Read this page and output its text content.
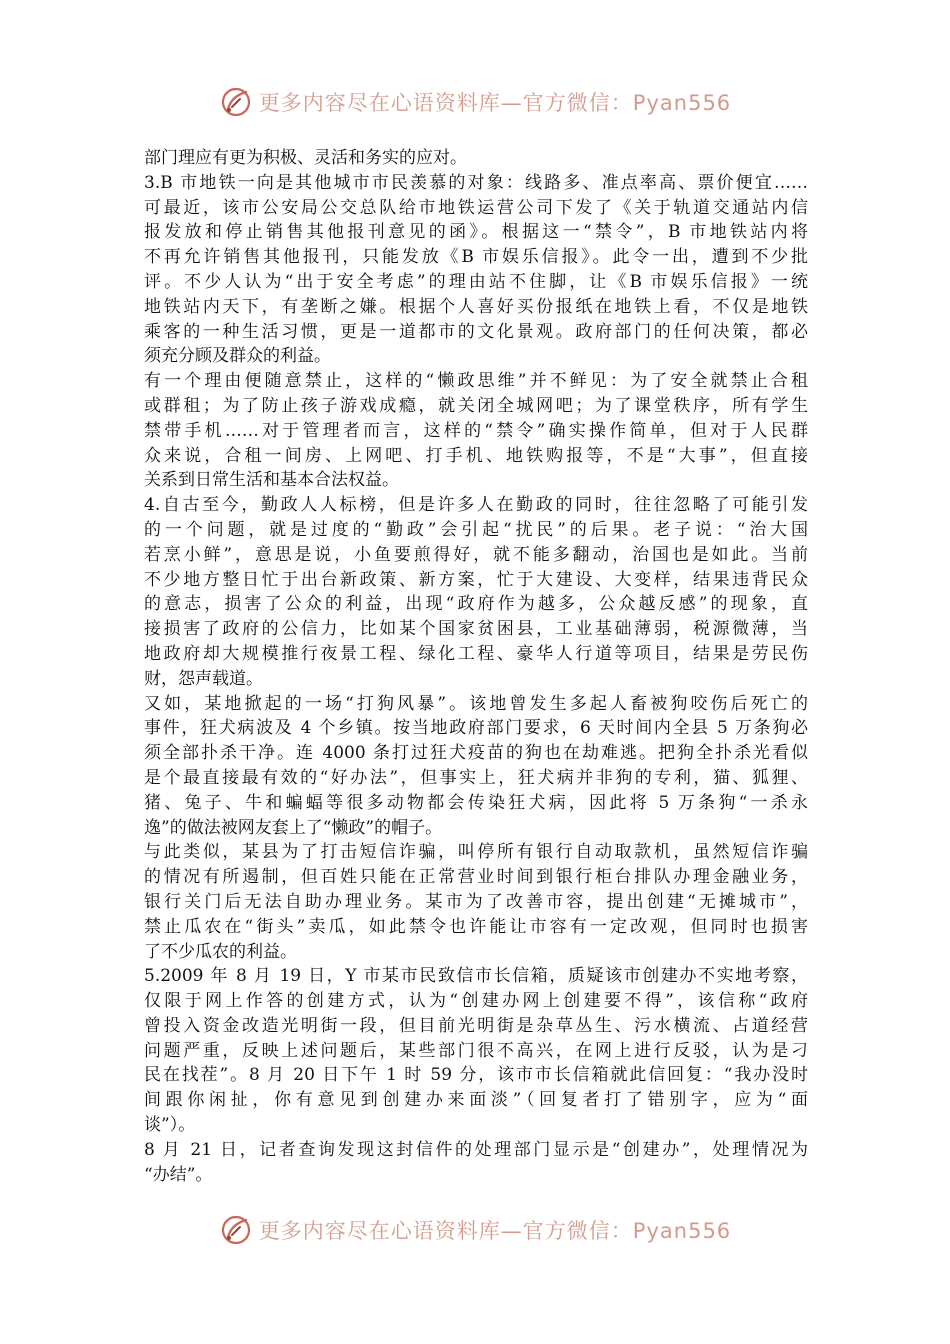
更多内容尽在心语资料库—官方微信：Pyan556
部门理应有更为积极、灵活和务实的应对。
3.B 市地铁一向是其他城市市民羡慕的对象：线路多、准点率高、票价便宜……
可最近，该市公安局公交总队给市地铁运营公司下发了《关于轨道交通站内信
报发放和停止销售其他报刊意见的函》。根据这一“禁令”，B 市地铁站内将
不再允许销售其他报刊，只能发放《B 市娱乐信报》。此令一出，遭到不少批
评。不少人认为“出于安全考虑”的理由站不住脚，让《B 市娱乐信报》一统
地铁站内天下，有垄断之嫌。根据个人喜好买份报纸在地铁上看，不仅是地铁
乘客的一种生活习惯，更是一道都市的文化景观。政府部门的任何决策，都必
须充分顾及群众的利益。
有一个理由便随意禁止，这样的“懒政思维”并不鲜见：为了安全就禁止合租
或群租；为了防止孩子游戏成瘾，就关闭全城网吧；为了课堂秩序，所有学生
禁带手机……对于管理者而言，这样的“禁令”确实操作简单，但对于人民群
众来说，合租一间房、上网吧、打手机、地铁购报等，不是“大事”，但直接
关系到日常生活和基本合法权益。
4.自古至今，勤政人人标榜，但是许多人在勤政的同时，往往忽略了可能引发
的一个问题，就是过度的“勤政”会引起“扰民”的后果。老子说：“治大国
若烹小鲜”，意思是说，小鱼要煎得好，就不能多翻动，治国也是如此。当前
不少地方整日忙于出台新政策、新方案，忙于大建设、大变样，结果违背民众
的意志，损害了公众的利益，出现“政府作为越多，公众越反感”的现象，直
接损害了政府的公信力，比如某个国家贫困县，工业基础薄弱，税源微薄，当
地政府却大规模推行夜景工程、绿化工程、豪华人行道等项目，结果是劳民伤
财，怨声载道。
又如，某地掀起的一场“打狗风暴”。该地曾发生多起人畜被狗咬伤后死亡的
事件，狂犬病波及 4 个乡镇。按当地政府部门要求，6 天时间内全县 5 万条狗必
须全部扑杀干净。连 4000 条打过狂犬疫苗的狗也在劫难逃。把狗全扑杀光看似
是个最直接最有效的“好办法”，但事实上，狂犬病并非狗的专利，猫、狐狸、
猪、兔子、牛和蝙蝠等很多动物都会传染狂犬病，因此将 5 万条狗“一杀永
逸”的做法被网友套上了“懒政”的帽子。
与此类似，某县为了打击短信诈骗，叫停所有银行自动取款机，虽然短信诈骗
的情况有所遏制，但百姓只能在正常营业时间到银行柜台排队办理金融业务，
银行关门后无法自助办理业务。某市为了改善市容，提出创建“无摊城市”，
禁止瓜农在“街头”卖瓜，如此禁令也许能让市容有一定改观，但同时也损害
了不少瓜农的利益。
5.2009 年 8 月 19 日，Y 市某市民致信市长信箱，质疑该市创建办不实地考察，
仅限于网上作答的创建方式，认为“创建办网上创建要不得”，该信称“政府
曾投入资金改造光明街一段，但目前光明街是杂草丛生、污水横流、占道经营
问题严重，反映上述问题后，某些部门很不高兴，在网上进行反驳，认为是刁
民在找茬”。8 月 20 日下午 1 时 59 分，该市市长信箱就此信回复：“我办没时
间跟你闲扯，你有意见到创建办来面淡”（回复者打了错别字，应为“面
谈”）。
8 月 21 日，记者查询发现这封信件的处理部门显示是“创建办”，处理情况为
“办结”。
更多内容尽在心语资料库—官方微信：Pyan556
